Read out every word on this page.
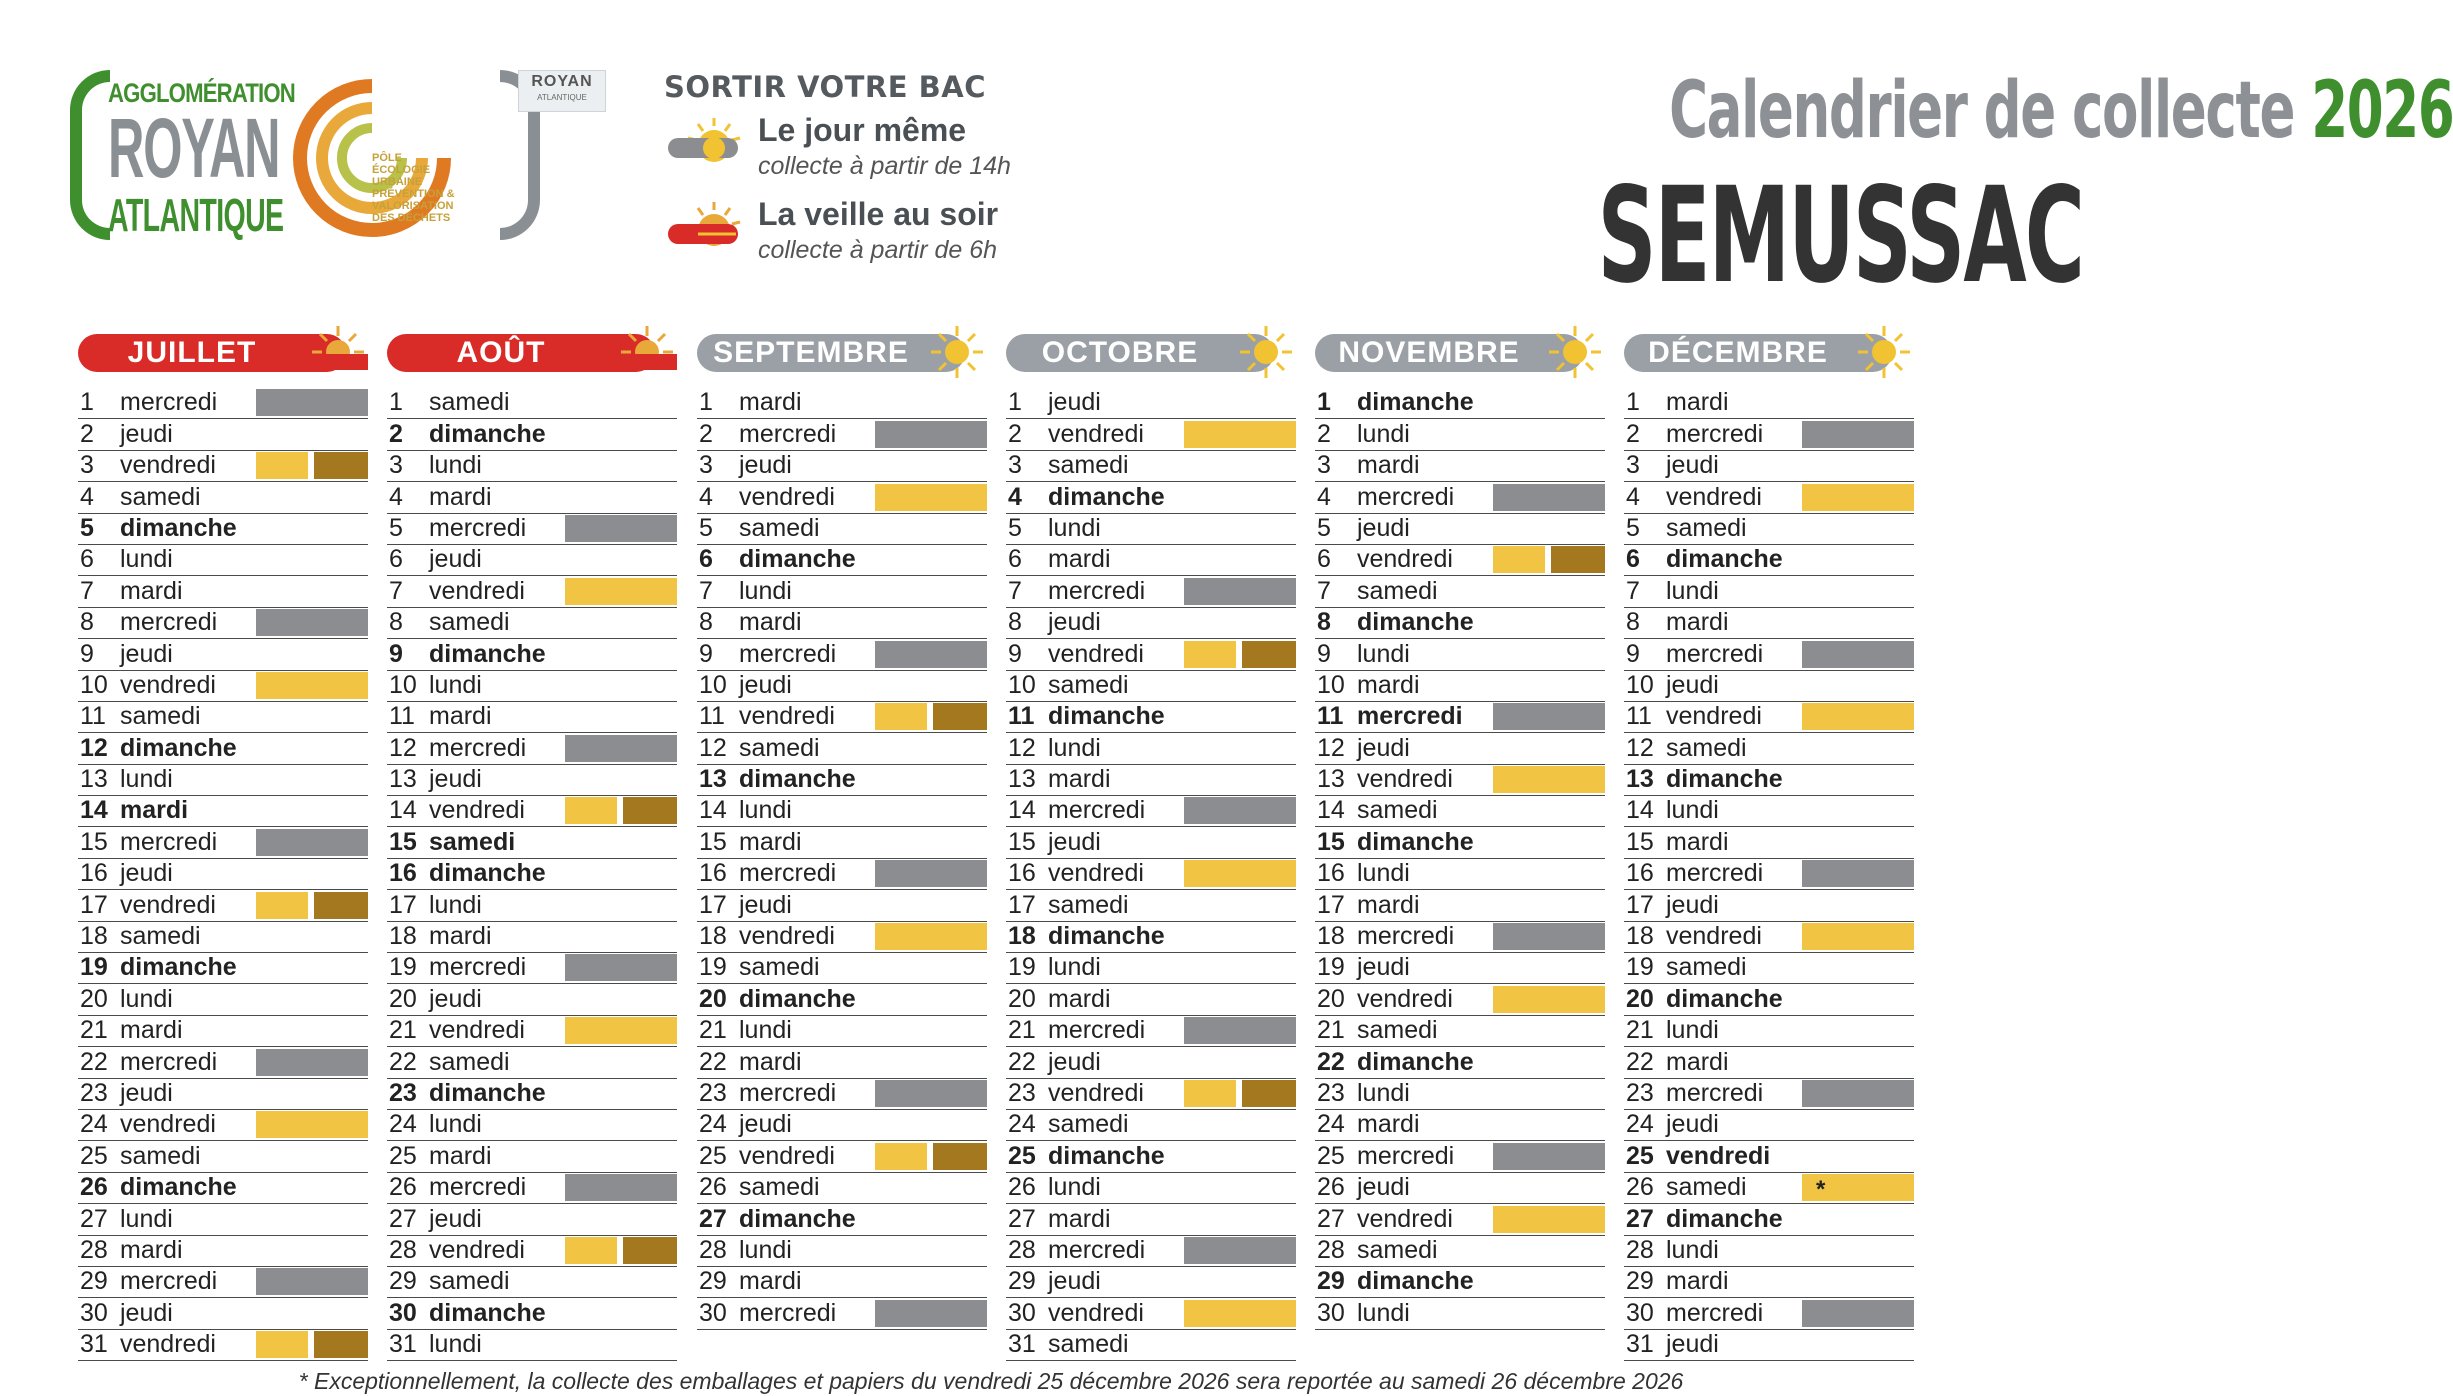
AGGLOMÉRATION
ROYAN
ATLANTIQUE
PÔLE
ÉCOLOGIE URBAINE
PRÉVENTION &
VALORISATION
DES DÉCHETS
ROYAN
ATLANTIQUE	SORTIR VOTRE BAC
Le jour même
collecte à partir de 14h
La veille au soir
collecte à partir de 6h
Calendrier de collecte 2026
SEMUSSAC
JUILLET
1 mercredi
2 jeudi
3 vendredi
4 samedi
5 dimanche
6 lundi
7 mardi
8 mercredi
9 jeudi
10 vendredi
11 samedi
12 dimanche
13 lundi
14 mardi
15 mercredi
16 jeudi
17 vendredi
18 samedi
19 dimanche
20 lundi
21 mardi
22 mercredi
23 jeudi
24 vendredi
25 samedi
26 dimanche
27 lundi
28 mardi
29 mercredi
30 jeudi
31 vendredi
AOÛT
1 samedi
2 dimanche
3 lundi
4 mardi
5 mercredi
6 jeudi
7 vendredi
8 samedi
9 dimanche
10 lundi
11 mardi
12 mercredi
13 jeudi
14 vendredi
15 samedi
16 dimanche
17 lundi
18 mardi
19 mercredi
20 jeudi
21 vendredi
22 samedi
23 dimanche
24 lundi
25 mardi
26 mercredi
27 jeudi
28 vendredi
29 samedi
30 dimanche
31 lundi
SEPTEMBRE
1 mardi
2 mercredi
3 jeudi
4 vendredi
5 samedi
6 dimanche
7 lundi
8 mardi
9 mercredi
10 jeudi
11 vendredi
12 samedi
13 dimanche
14 lundi
15 mardi
16 mercredi
17 jeudi
18 vendredi
19 samedi
20 dimanche
21 lundi
22 mardi
23 mercredi
24 jeudi
25 vendredi
26 samedi
27 dimanche
28 lundi
29 mardi
30 mercredi
OCTOBRE
1 jeudi
2 vendredi
3 samedi
4 dimanche
5 lundi
6 mardi
7 mercredi
8 jeudi
9 vendredi
10 samedi
11 dimanche
12 lundi
13 mardi
14 mercredi
15 jeudi
16 vendredi
17 samedi
18 dimanche
19 lundi
20 mardi
21 mercredi
22 jeudi
23 vendredi
24 samedi
25 dimanche
26 lundi
27 mardi
28 mercredi
29 jeudi
30 vendredi
31 samedi
NOVEMBRE
1 dimanche
2 lundi
3 mardi
4 mercredi
5 jeudi
6 vendredi
7 samedi
8 dimanche
9 lundi
10 mardi
11 mercredi
12 jeudi
13 vendredi
14 samedi
15 dimanche
16 lundi
17 mardi
18 mercredi
19 jeudi
20 vendredi
21 samedi
22 dimanche
23 lundi
24 mardi
25 mercredi
26 jeudi
27 vendredi
28 samedi
29 dimanche
30 lundi
DÉCEMBRE
1 mardi
2 mercredi
3 jeudi
4 vendredi
5 samedi
6 dimanche
7 lundi
8 mardi
9 mercredi
10 jeudi
11 vendredi
12 samedi
13 dimanche
14 lundi
15 mardi
16 mercredi
17 jeudi
18 vendredi
19 samedi
20 dimanche
21 lundi
22 mardi
23 mercredi
24 jeudi
25 vendredi
26 samedi	*
27 dimanche
28 lundi
29 mardi
30 mercredi
31 jeudi
* Exceptionnellement, la collecte des emballages et papiers du vendredi 25 décembre 2026 sera reportée au samedi 26 décembre 2026
